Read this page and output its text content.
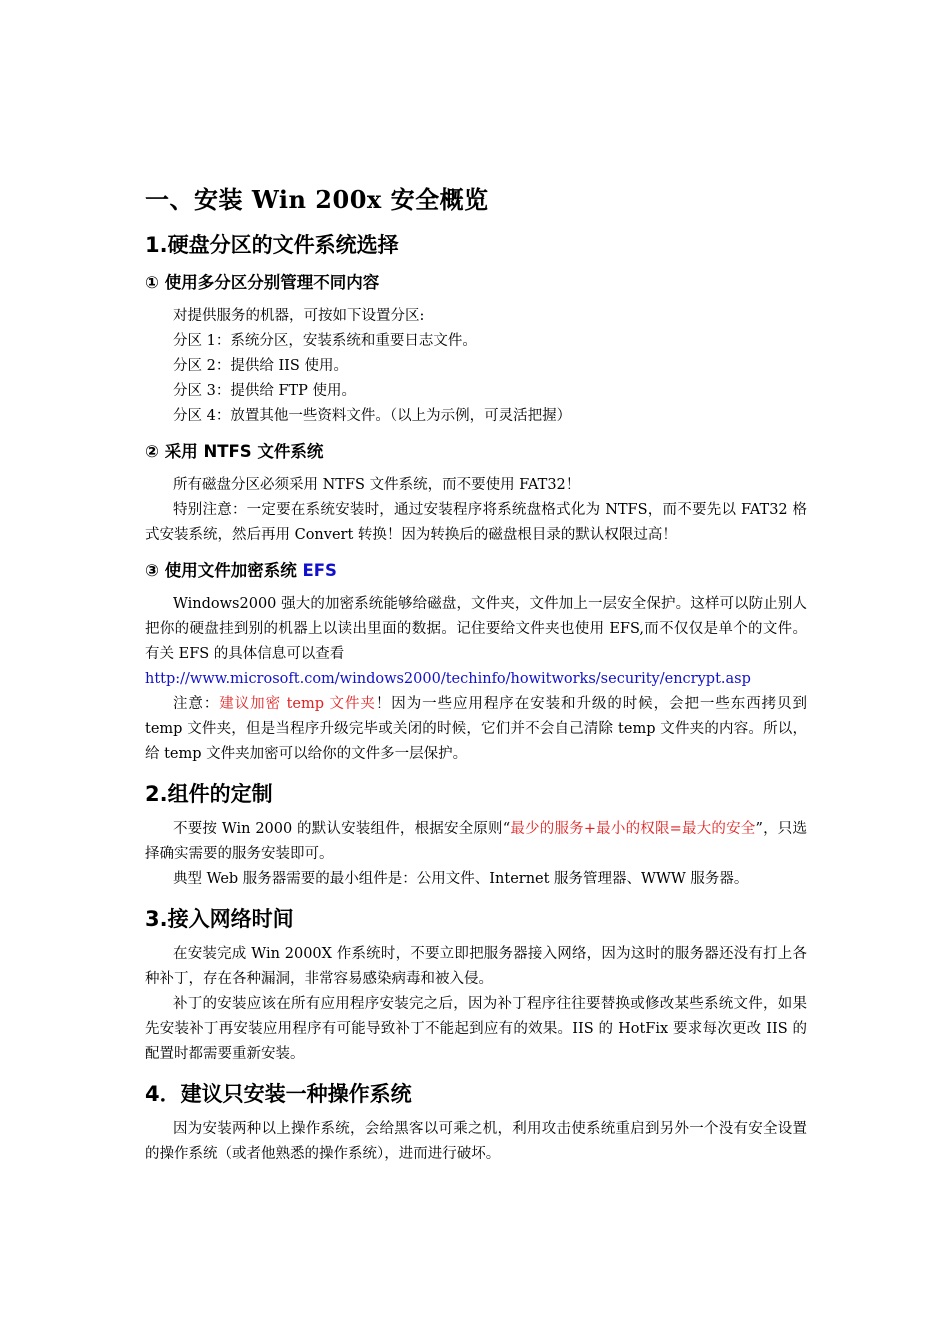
一、安装 Win 200x 安全概览
1.硬盘分区的文件系统选择
① 使用多分区分别管理不同内容

对提供服务的机器，可按如下设置分区:

分区 1：系统分区，安装系统和重要日志文件。

分区 2：提供给 IIS 使用。

分区 3：提供给 FTP 使用。

分区 4：放置其他一些资料文件。（以上为示例，可灵活把握）

② 采用 NTFS 文件系统

所有磁盘分区必须采用 NTFS 文件系统，而不要使用 FAT32！

特别注意：一定要在系统安装时，通过安装程序将系统盘格式化为 NTFS，而不要先以 FAT32 格式安装系统，然后再用 Convert 转换！因为转换后的磁盘根目录的默认权限过高！

③ 使用文件加密系统 EFS

Windows2000 强大的加密系统能够给磁盘，文件夹，文件加上一层安全保护。这样可以防止别人把你的硬盘挂到别的机器上以读出里面的数据。记住要给文件夹也使用 EFS,而不仅仅是单个的文件。 有关 EFS 的具体信息可以查看

http://www.microsoft.com/windows2000/techinfo/howitworks/security/encrypt.asp

注意：建议加密 temp 文件夹！因为一些应用程序在安装和升级的时候，会把一些东西拷贝到 temp 文件夹，但是当程序升级完毕或关闭的时候，它们并不会自己清除 temp 文件夹的内容。所以，给 temp 文件夹加密可以给你的文件多一层保护。

2.组件的定制

不要按 Win 2000 的默认安装组件，根据安全原则“最少的服务+最小的权限=最大的安全”，只选择确实需要的服务安装即可。

典型 Web 服务器需要的最小组件是：公用文件、Internet 服务管理器、WWW 服务器。

3.接入网络时间

在安装完成 Win 2000X 作系统时，不要立即把服务器接入网络，因为这时的服务器还没有打上各种补丁，存在各种漏洞，非常容易感染病毒和被入侵。

补丁的安装应该在所有应用程序安装完之后，因为补丁程序往往要替换或修改某些系统文件，如果先安装补丁再安装应用程序有可能导致补丁不能起到应有的效果。IIS 的 HotFix 要求每次更改 IIS 的配置时都需要重新安装。

4．建议只安装一种操作系统

因为安装两种以上操作系统，会给黑客以可乘之机，利用攻击使系统重启到另外一个没有安全设置的操作系统（或者他熟悉的操作系统），进而进行破坏。
